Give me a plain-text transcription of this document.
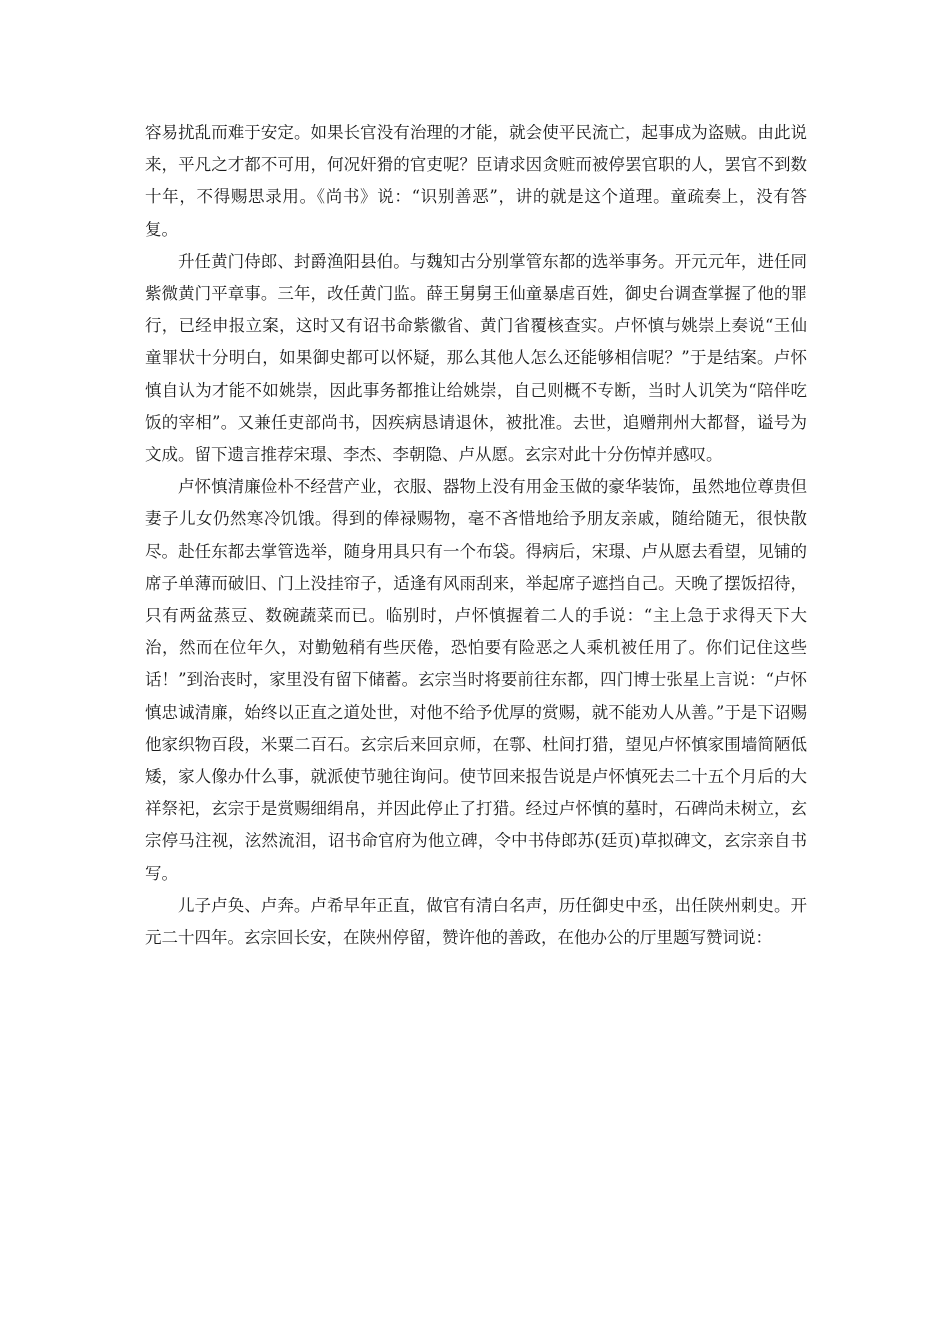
容易扰乱而难于安定。如果长官没有治理的才能，就会使平民流亡，起事成为盗贼。由此说来，平凡之才都不可用，何况奸猾的官吏呢？臣请求因贪赃而被停罢官职的人，罢官不到数十年，不得赐思录用。《尚书》说：“识别善恶”，讲的就是这个道理。童疏奏上，没有答复。

升任黄门侍郎、封爵渔阳县伯。与魏知古分别掌管东都的选举事务。开元元年，进任同紫微黄门平章事。三年，改任黄门监。薛王舅舅王仙童暴虐百姓，御史台调查掌握了他的罪行，已经申报立案，这时又有诏书命紫徽省、黄门省覆核查实。卢怀慎与姚崇上奏说“王仙童罪状十分明白，如果御史都可以怀疑，那么其他人怎么还能够相信呢？”于是结案。卢怀慎自认为才能不如姚崇，因此事务都推让给姚崇，自己则概不专断，当时人讥笑为“陪伴吃饭的宰相”。又兼任吏部尚书，因疾病恳请退休，被批准。去世，追赠荆州大都督，谥号为文成。留下遗言推荐宋璟、李杰、李朝隐、卢从愿。玄宗对此十分伤悼并感叹。

卢怀慎清廉俭朴不经营产业，衣服、器物上没有用金玉做的豪华装饰，虽然地位尊贵但妻子儿女仍然寒冷饥饿。得到的俸禄赐物，毫不吝惜地给予朋友亲戚，随给随无，很快散尽。赴任东都去掌管选举，随身用具只有一个布袋。得病后，宋璟、卢从愿去看望，见铺的席子单薄而破旧、门上没挂帘子，适逢有风雨刮来，举起席子遮挡自己。天晚了摆饭招待，只有两盆蒸豆、数碗蔬菜而已。临别时，卢怀慎握着二人的手说：“主上急于求得天下大治，然而在位年久，对勤勉稍有些厌倦，恐怕要有险恶之人乘机被任用了。你们记住这些话！”到治丧时，家里没有留下储蓄。玄宗当时将要前往东都，四门博士张星上言说：“卢怀慎忠诚清廉，始终以正直之道处世，对他不给予优厚的赏赐，就不能劝人从善。”于是下诏赐他家织物百段，米粟二百石。玄宗后来回京师，在鄠、杜间打猎，望见卢怀慎家围墙简陋低矮，家人像办什么事，就派使节驰往询问。使节回来报告说是卢怀慎死去二十五个月后的大祥祭祀，玄宗于是赏赐细绢帛，并因此停止了打猎。经过卢怀慎的墓时，石碑尚未树立，玄宗停马注视，泫然流泪，诏书命官府为他立碑，令中书侍郎苏(廷页)草拟碑文，玄宗亲自书写。

儿子卢奂、卢奔。卢希早年正直，做官有清白名声，历任御史中丞，出任陕州刺史。开元二十四年。玄宗回长安，在陕州停留，赞许他的善政，在他办公的厅里题写赞词说：
